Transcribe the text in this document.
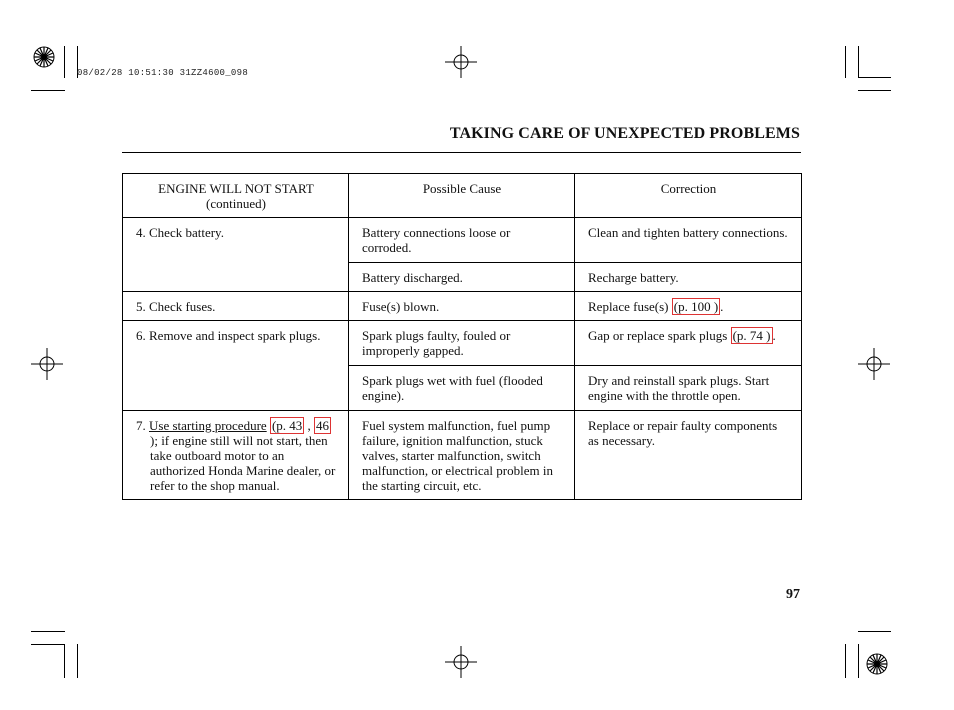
08/02/28 10:51:30 31ZZ4600_098
TAKING CARE OF UNEXPECTED PROBLEMS
ENGINE WILL NOT START
(continued)	Possible Cause	Correction

4. Check battery.	Battery connections loose or corroded.	Clean and tighten battery connections.
	Battery discharged.	Recharge battery.

5. Check fuses.	Fuse(s) blown.	Replace fuse(s) (p. 100 ) .

6. Remove and inspect spark plugs.	Spark plugs faulty, fouled or improperly gapped.	Gap or replace spark plugs (p. 74 ) .
	Spark plugs wet with fuel (flooded engine).	Dry and reinstall spark plugs. Start engine with the throttle open.

7. Use starting procedure (p. 43 , 46 ); if engine still will not start, then take outboard motor to an authorized Honda Marine dealer, or refer to the shop manual.	Fuel system malfunction, fuel pump failure, ignition malfunction, stuck valves, starter malfunction, switch malfunction, or electrical problem in the starting circuit, etc.	Replace or repair faulty components as necessary.
97
